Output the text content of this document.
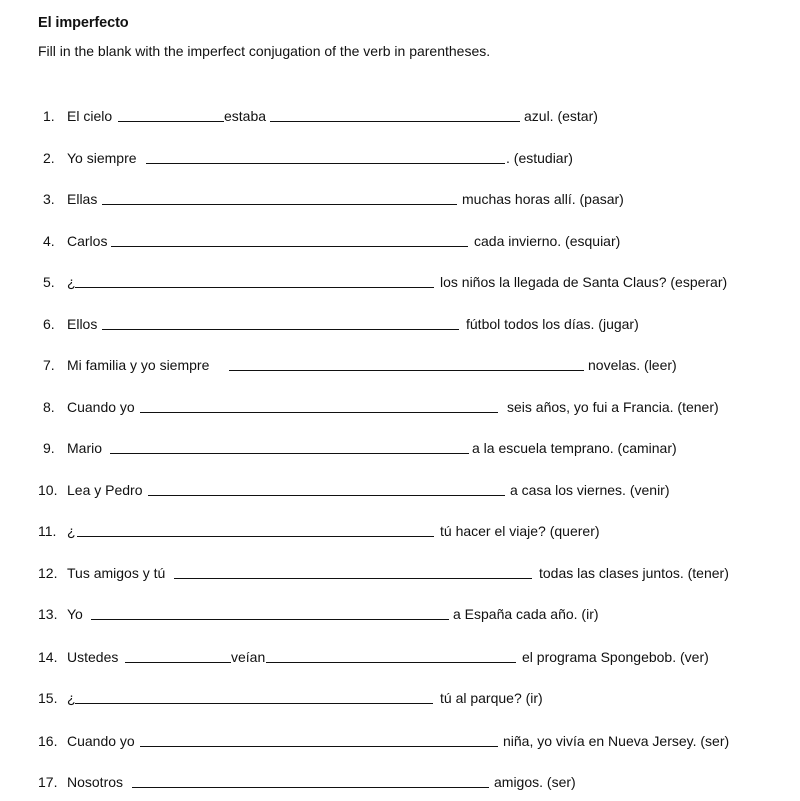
El imperfecto
Fill in the blank with the imperfect conjugation of the verb in parentheses.
1. El cielo	estaba	azul. (estar)
2. Yo siempre	. (estudiar)
3. Ellas	muchas horas allí. (pasar)
4. Carlos	cada invierno. (esquiar)
5. ¿	los niños la llegada de Santa Claus? (esperar)
6. Ellos	fútbol todos los días. (jugar)
7. Mi familia y yo siempre	novelas. (leer)
8. Cuando yo	seis años, yo fui a Francia. (tener)
9. Mario	a la escuela temprano. (caminar)
10. Lea y Pedro	a casa los viernes. (venir)
11. ¿	tú hacer el viaje? (querer)
12. Tus amigos y tú	todas las clases juntos. (tener)
13. Yo	a España cada año. (ir)
14. Ustedes	veían	el programa Spongebob. (ver)
15. ¿	tú al parque? (ir)
16. Cuando yo	niña, yo vivía en Nueva Jersey. (ser)
17. Nosotros	amigos. (ser)
